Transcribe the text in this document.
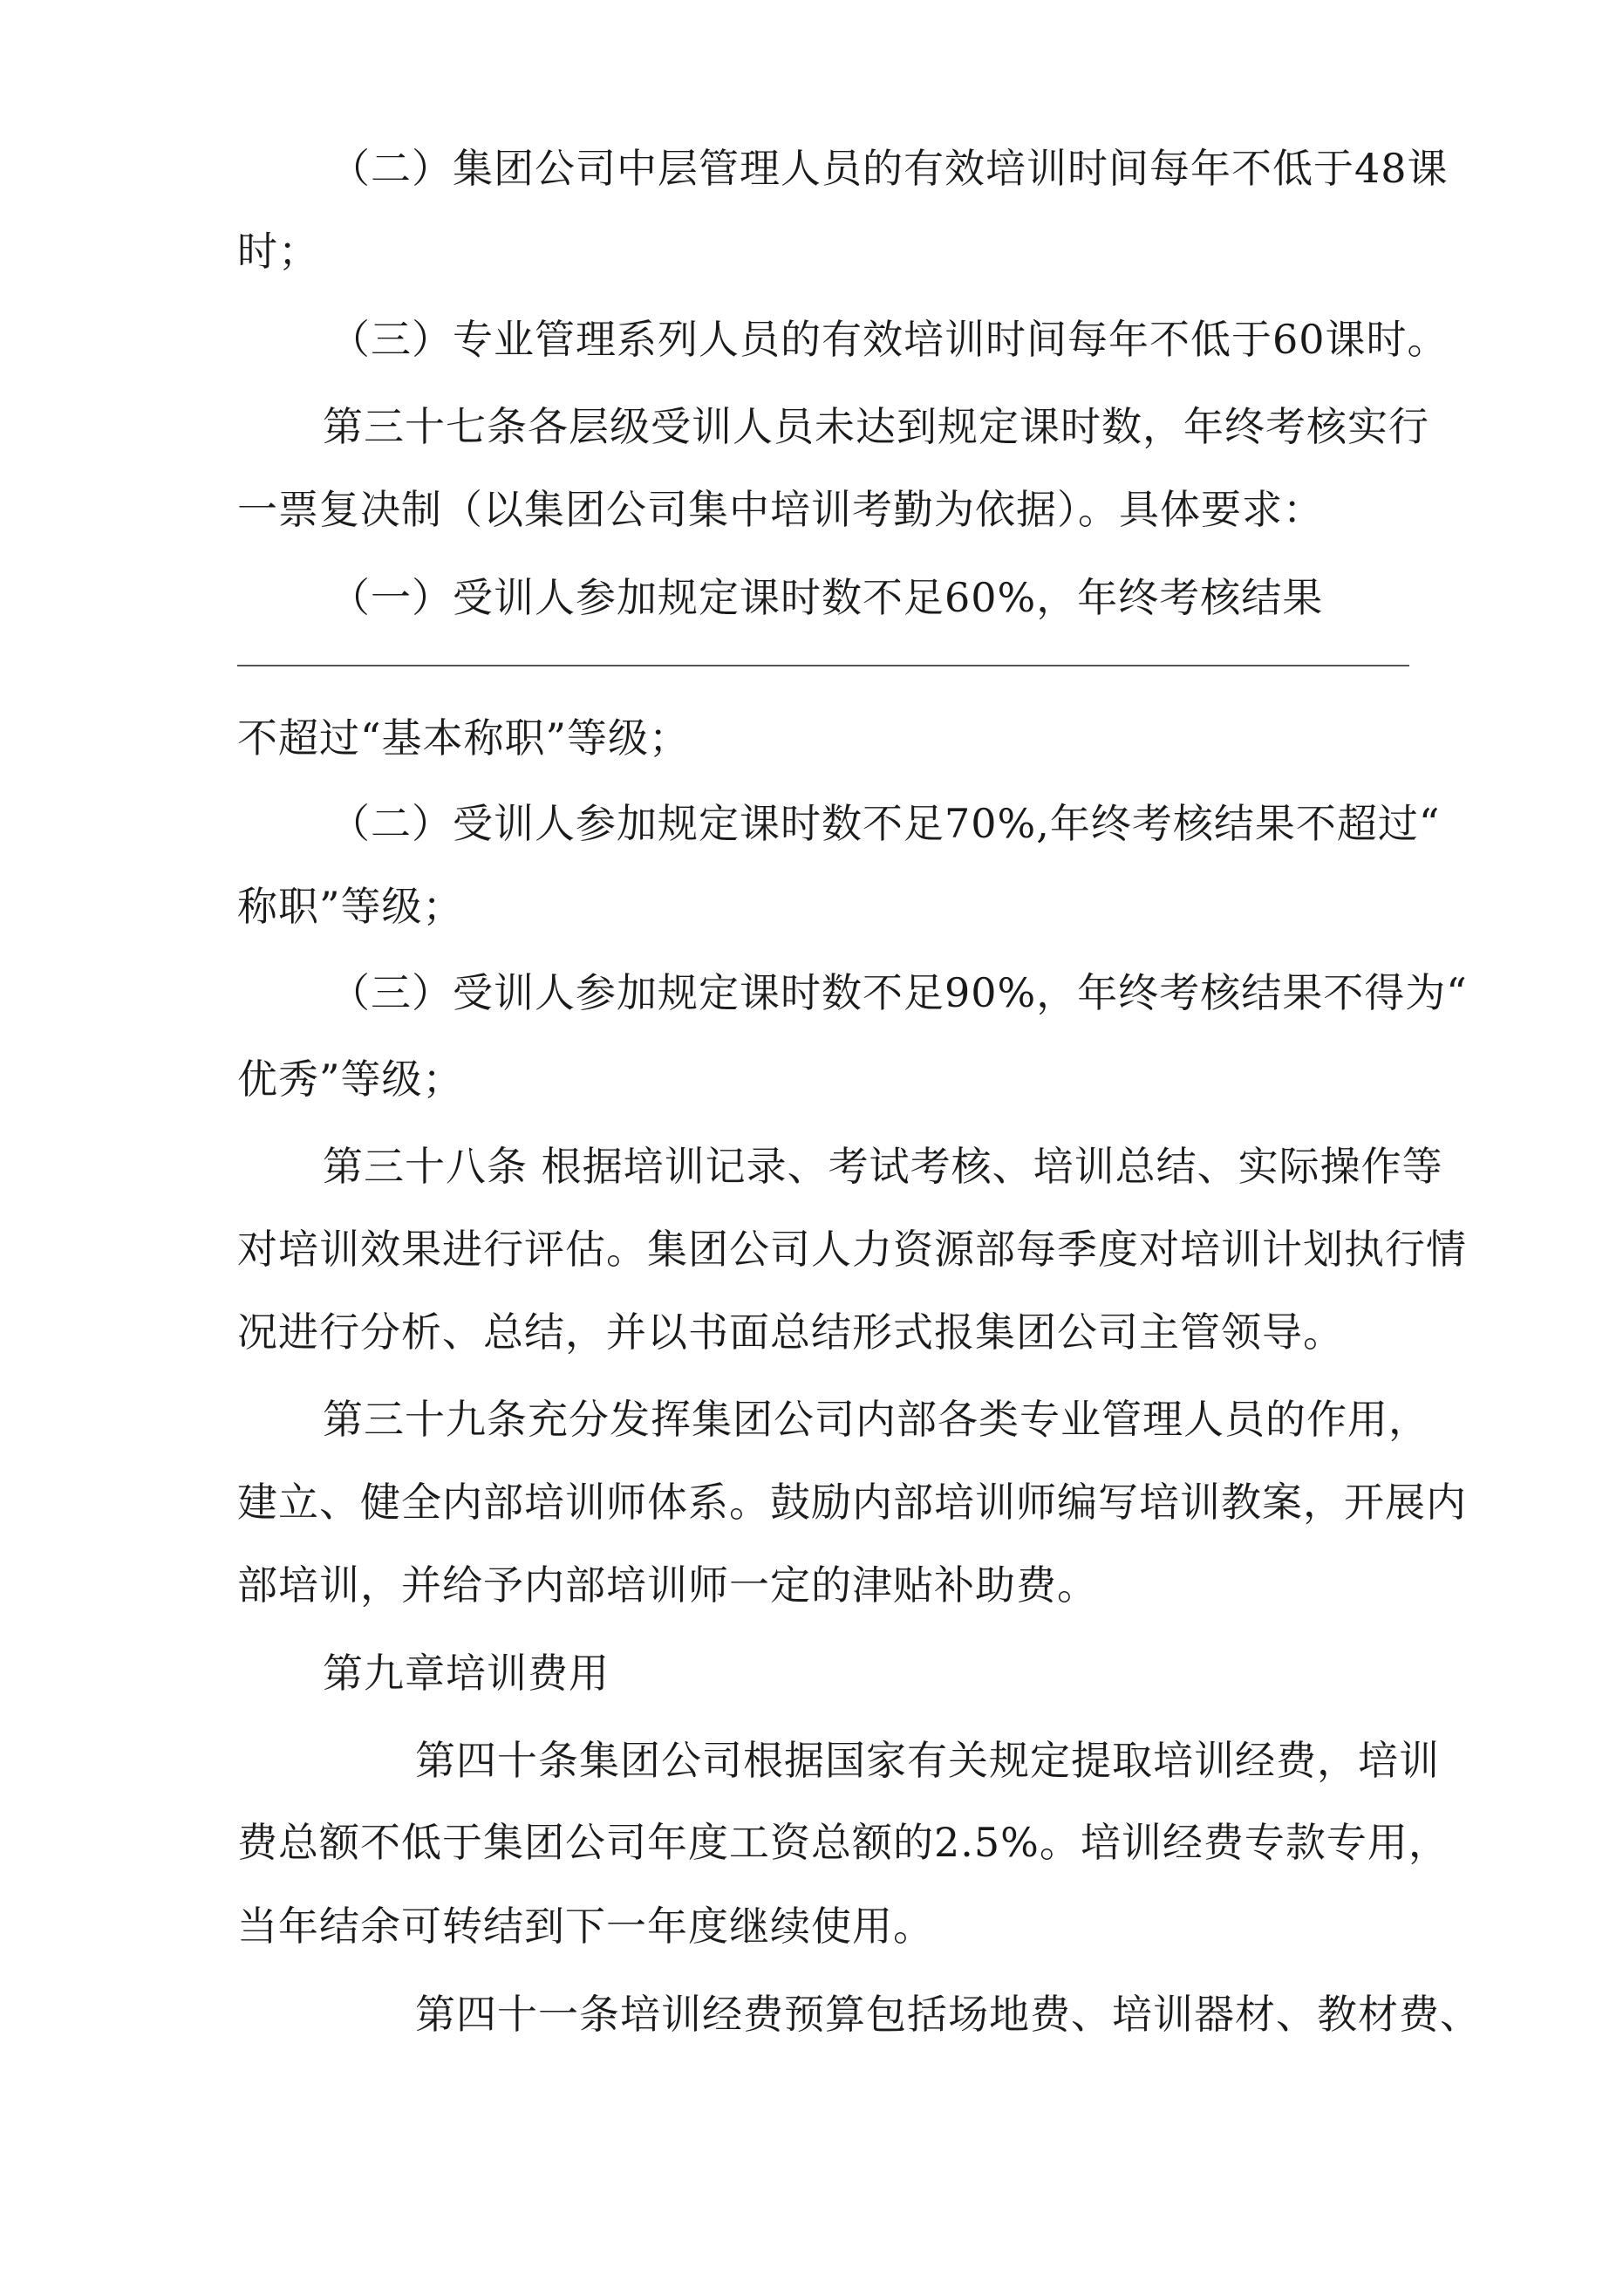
（二）集团公司中层管理人员的有效培训时间每年不低于48课

时；

（三）专业管理系列人员的有效培训时间每年不低于60课时。

第三十七条各层级受训人员未达到规定课时数，年终考核实行

一票复决制（以集团公司集中培训考勤为依据）。具体要求：

（一）受训人参加规定课时数不足60%，年终考核结果

不超过“基本称职”等级；

（二）受训人参加规定课时数不足70%,年终考核结果不超过“

称职”等级；

（三）受训人参加规定课时数不足90%，年终考核结果不得为“

优秀”等级；

第三十八条 根据培训记录、考试考核、培训总结、实际操作等

对培训效果进行评估。集团公司人力资源部每季度对培训计划执行情

况进行分析、总结，并以书面总结形式报集团公司主管领导。

第三十九条充分发挥集团公司内部各类专业管理人员的作用，

建立、健全内部培训师体系。鼓励内部培训师编写培训教案，开展内

部培训，并给予内部培训师一定的津贴补助费。

第九章培训费用

第四十条集团公司根据国家有关规定提取培训经费，培训

费总额不低于集团公司年度工资总额的2.5%。培训经费专款专用，

当年结余可转结到下一年度继续使用。

第四十一条培训经费预算包括场地费、培训器材、教材费、
